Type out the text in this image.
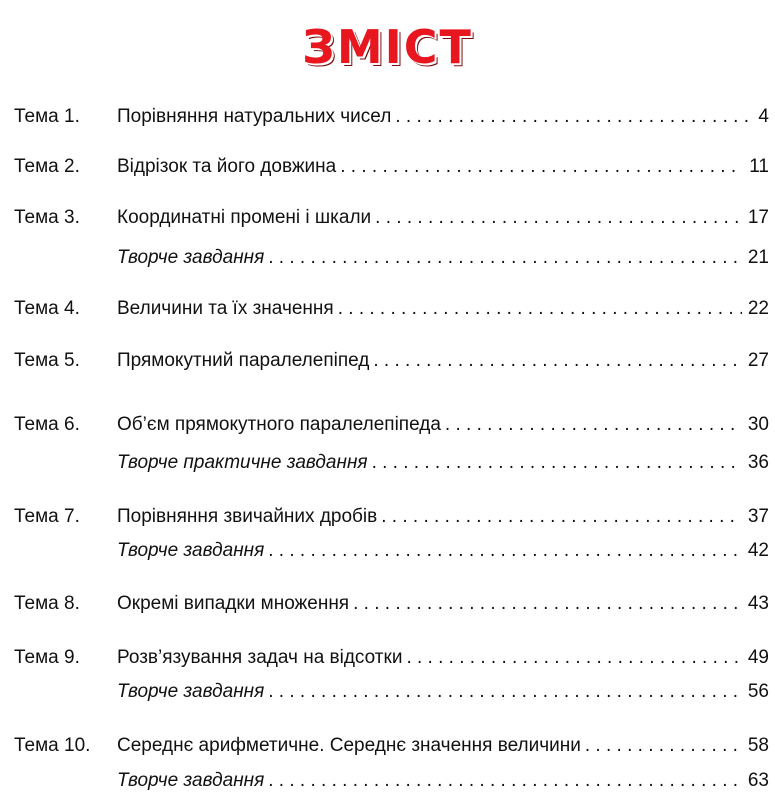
ЗМІСТ
Тема 1. Порівняння натуральних чисел . . .	4
Тема 2. Відрізок та його довжина . . .	11
Тема 3. Координатні промені і шкали . . .	17
Творче завдання . . .	21
Тема 4. Величини та їх значення . . .	22
Тема 5. Прямокутний паралелепіпед . . .	27
Тема 6. Об’єм прямокутного паралелепіпеда . . .	30
Творче практичне завдання . . .	36
Тема 7. Порівняння звичайних дробів . . .	37
Творче завдання . . .	42
Тема 8. Окремі випадки множення . . .	43
Тема 9. Розв’язування задач на відсотки . . .	49
Творче завдання . . .	56
Тема 10. Середнє арифметичне. Середнє значення величини . . .	58
Творче завдання . . .	63
